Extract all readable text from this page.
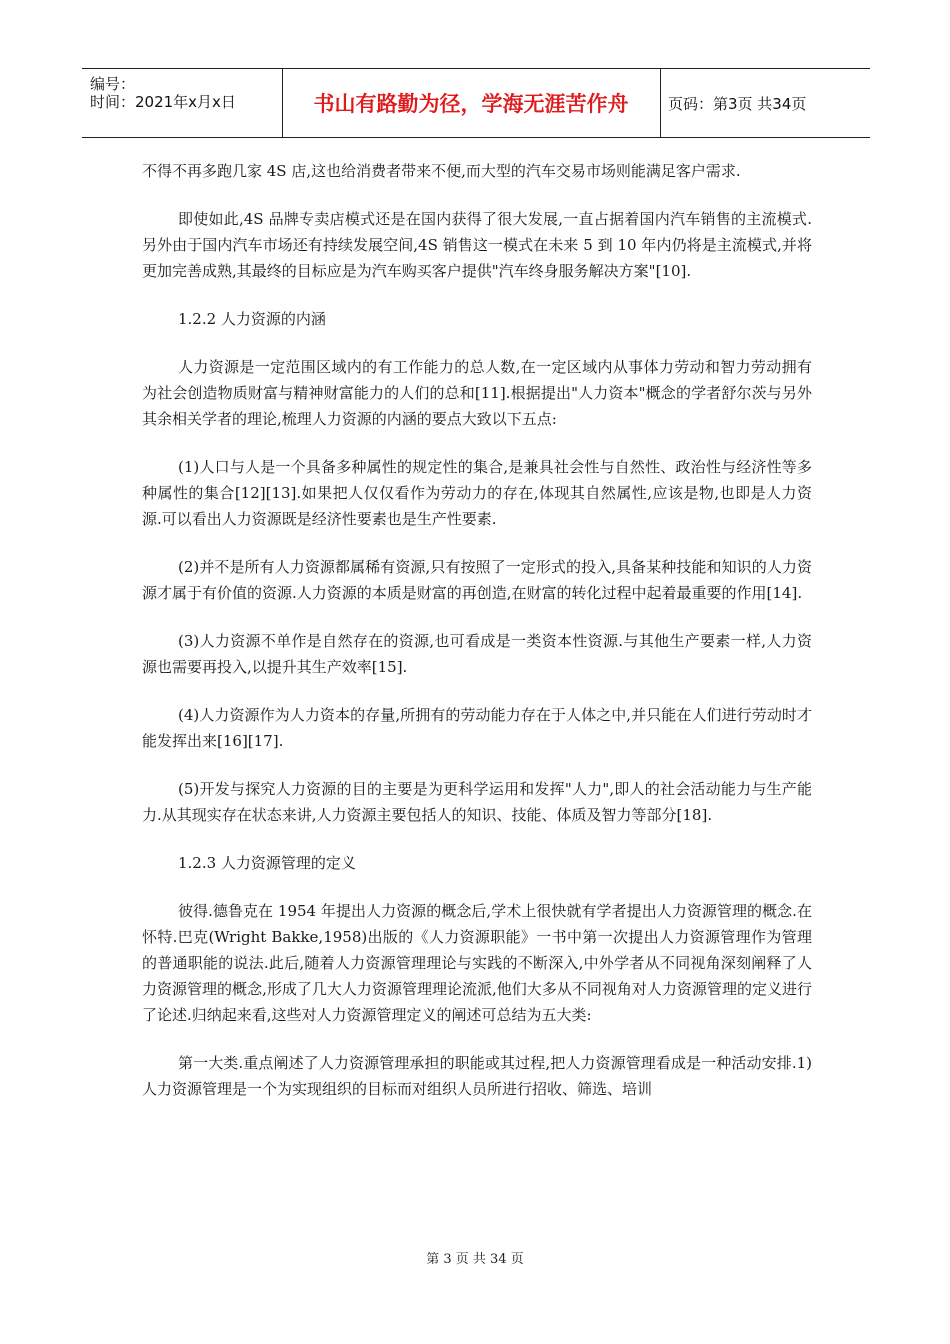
编号：
时间：2021年x月x日	书山有路勤为径，学海无涯苦作舟	页码：第3页 共34页

不得不再多跑几家 4S 店,这也给消费者带来不便,而大型的汽车交易市场则能满足客户需求.

即使如此,4S 品牌专卖店模式还是在国内获得了很大发展,一直占据着国内汽车销售的主流模式.另外由于国内汽车市场还有持续发展空间,4S 销售这一模式在未来 5 到 10 年内仍将是主流模式,并将更加完善成熟,其最终的目标应是为汽车购买客户提供"汽车终身服务解决方案"[10].

1.2.2 人力资源的内涵

人力资源是一定范围区域内的有工作能力的总人数,在一定区域内从事体力劳动和智力劳动拥有为社会创造物质财富与精神财富能力的人们的总和[11].根据提出"人力资本"概念的学者舒尔茨与另外其余相关学者的理论,梳理人力资源的内涵的要点大致以下五点:

(1)人口与人是一个具备多种属性的规定性的集合,是兼具社会性与自然性、政治性与经济性等多种属性的集合[12][13].如果把人仅仅看作为劳动力的存在,体现其自然属性,应该是物,也即是人力资源.可以看出人力资源既是经济性要素也是生产性要素.

(2)并不是所有人力资源都属稀有资源,只有按照了一定形式的投入,具备某种技能和知识的人力资源才属于有价值的资源.人力资源的本质是财富的再创造,在财富的转化过程中起着最重要的作用[14].

(3)人力资源不单作是自然存在的资源,也可看成是一类资本性资源.与其他生产要素一样,人力资源也需要再投入,以提升其生产效率[15].

(4)人力资源作为人力资本的存量,所拥有的劳动能力存在于人体之中,并只能在人们进行劳动时才能发挥出来[16][17].

(5)开发与探究人力资源的目的主要是为更科学运用和发挥"人力",即人的社会活动能力与生产能力.从其现实存在状态来讲,人力资源主要包括人的知识、技能、体质及智力等部分[18].

1.2.3 人力资源管理的定义

彼得.德鲁克在 1954 年提出人力资源的概念后,学术上很快就有学者提出人力资源管理的概念.在怀特.巴克(Wright Bakke,1958)出版的《人力资源职能》一书中第一次提出人力资源管理作为管理的普通职能的说法.此后,随着人力资源管理理论与实践的不断深入,中外学者从不同视角深刻阐释了人力资源管理的概念,形成了几大人力资源管理理论流派,他们大多从不同视角对人力资源管理的定义进行了论述.归纳起来看,这些对人力资源管理定义的阐述可总结为五大类:

第一大类.重点阐述了人力资源管理承担的职能或其过程,把人力资源管理看成是一种活动安排.1)人力资源管理是一个为实现组织的目标而对组织人员所进行招收、筛选、培训

第 3 页 共 34 页
